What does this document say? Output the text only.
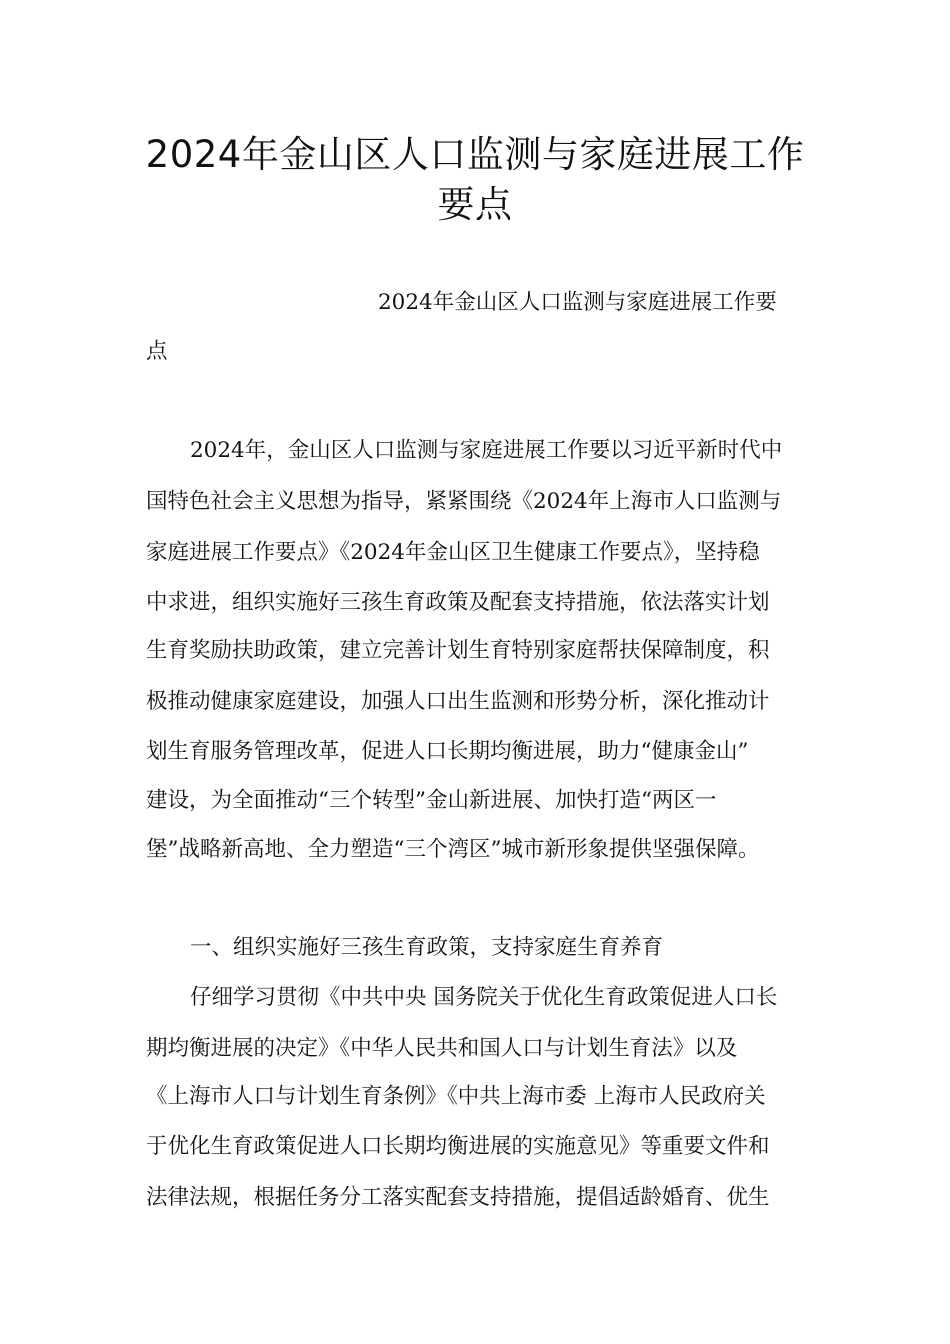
2024年金山区人口监测与家庭进展工作
要点
2024年金山区人口监测与家庭进展工作要
点
2024年，金山区人口监测与家庭进展工作要以习近平新时代中
国特色社会主义思想为指导，紧紧围绕《2024年上海市人口监测与
家庭进展工作要点》《2024年金山区卫生健康工作要点》，坚持稳
中求进，组织实施好三孩生育政策及配套支持措施，依法落实计划
生育奖励扶助政策，建立完善计划生育特别家庭帮扶保障制度，积
极推动健康家庭建设，加强人口出生监测和形势分析，深化推动计
划生育服务管理改革，促进人口长期均衡进展，助力“健康金山”
建设，为全面推动“三个转型”金山新进展、加快打造“两区一
堡”战略新高地、全力塑造“三个湾区”城市新形象提供坚强保障。
一、组织实施好三孩生育政策，支持家庭生育养育
仔细学习贯彻《中共中央 国务院关于优化生育政策促进人口长
期均衡进展的决定》《中华人民共和国人口与计划生育法》以及
《上海市人口与计划生育条例》《中共上海市委 上海市人民政府关
于优化生育政策促进人口长期均衡进展的实施意见》等重要文件和
法律法规，根据任务分工落实配套支持措施，提倡适龄婚育、优生
